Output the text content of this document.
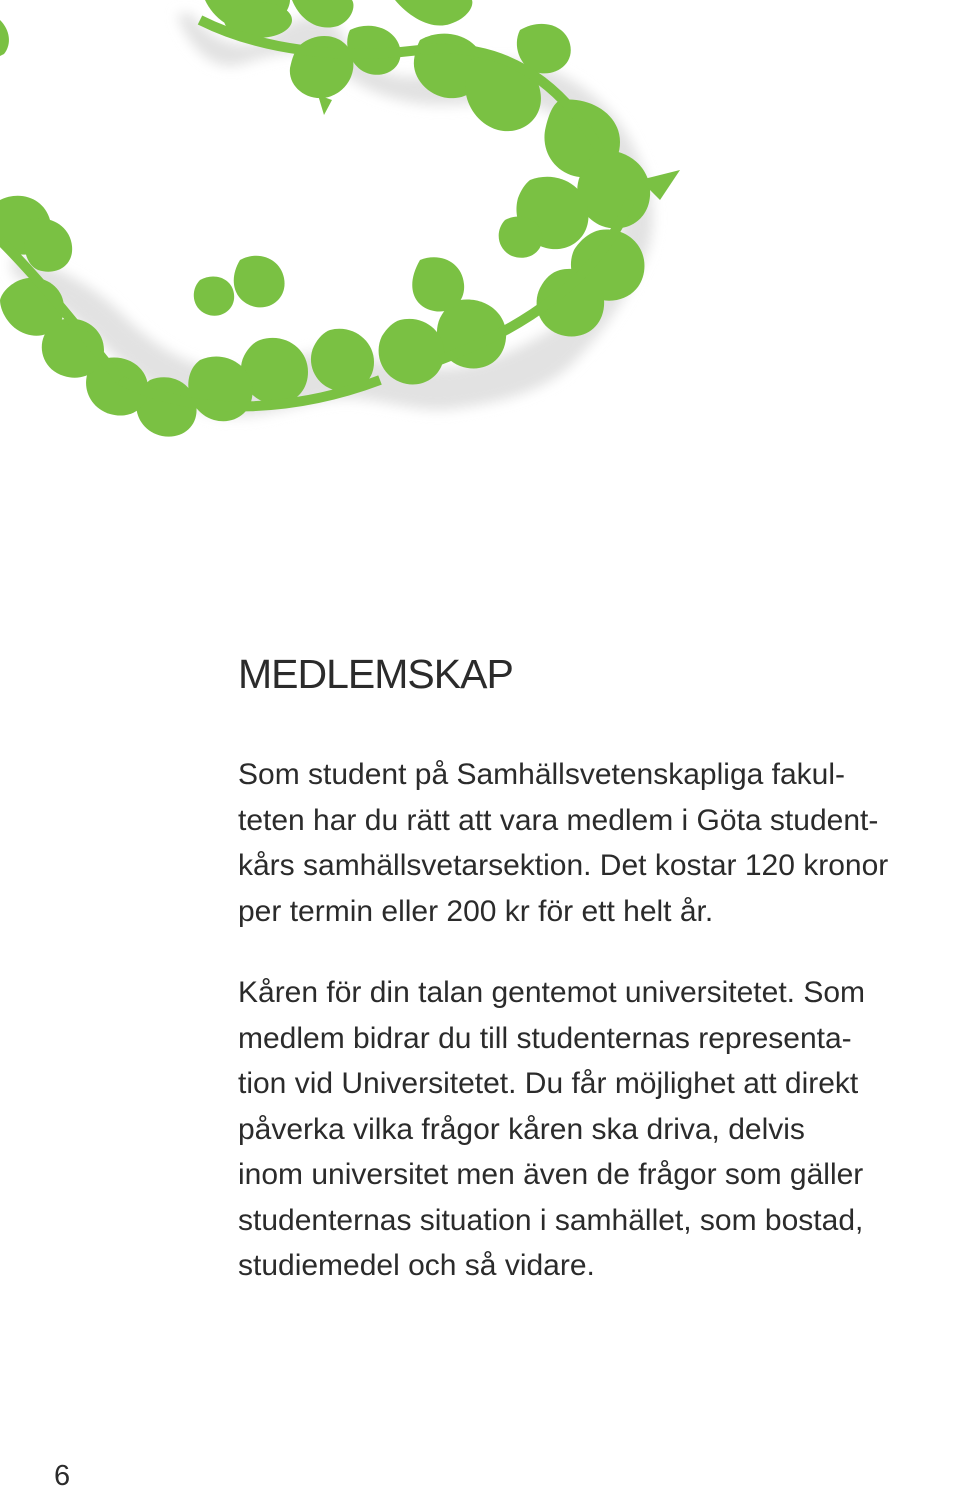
MEDLEMSKAP

Som student på Samhällsvetenskapliga fakul-
teten har du rätt att vara medlem i Göta student-
kårs samhällsvetarsektion. Det kostar 120 kronor
per termin eller 200 kr för ett helt år.

Kåren för din talan gentemot universitetet. Som
medlem bidrar du till studenternas representa-
tion vid Universitetet. Du får möjlighet att direkt
påverka vilka frågor kåren ska driva, delvis
inom universitet men även de frågor som gäller
studenternas situation i samhället, som bostad,
studiemedel och så vidare.

6
